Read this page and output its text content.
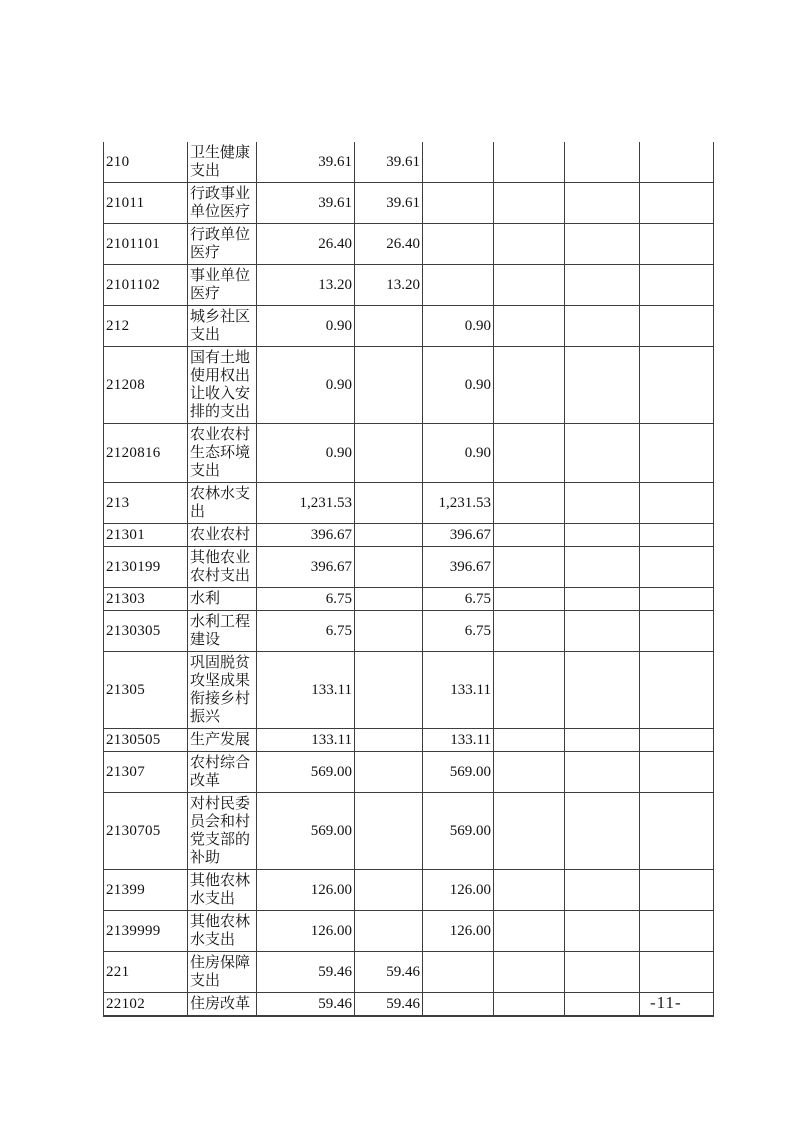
210	卫生健康支出	39.61	39.61				
21011	行政事业单位医疗	39.61	39.61				
2101101	行政单位医疗	26.40	26.40				
2101102	事业单位医疗	13.20	13.20				
212	城乡社区支出	0.90		0.90			
21208	国有土地使用权出让收入安排的支出	0.90		0.90			
2120816	农业农村生态环境支出	0.90		0.90			
213	农林水支出	1,231.53		1,231.53			
21301	农业农村	396.67		396.67			
2130199	其他农业农村支出	396.67		396.67			
21303	水利	6.75		6.75			
2130305	水利工程建设	6.75		6.75			
21305	巩固脱贫攻坚成果衔接乡村振兴	133.11		133.11			
2130505	生产发展	133.11		133.11			
21307	农村综合改革	569.00		569.00			
2130705	对村民委员会和村党支部的补助	569.00		569.00			
21399	其他农林水支出	126.00		126.00			
2139999	其他农林水支出	126.00		126.00			
221	住房保障支出	59.46	59.46				
22102	住房改革	59.46	59.46					-11-
